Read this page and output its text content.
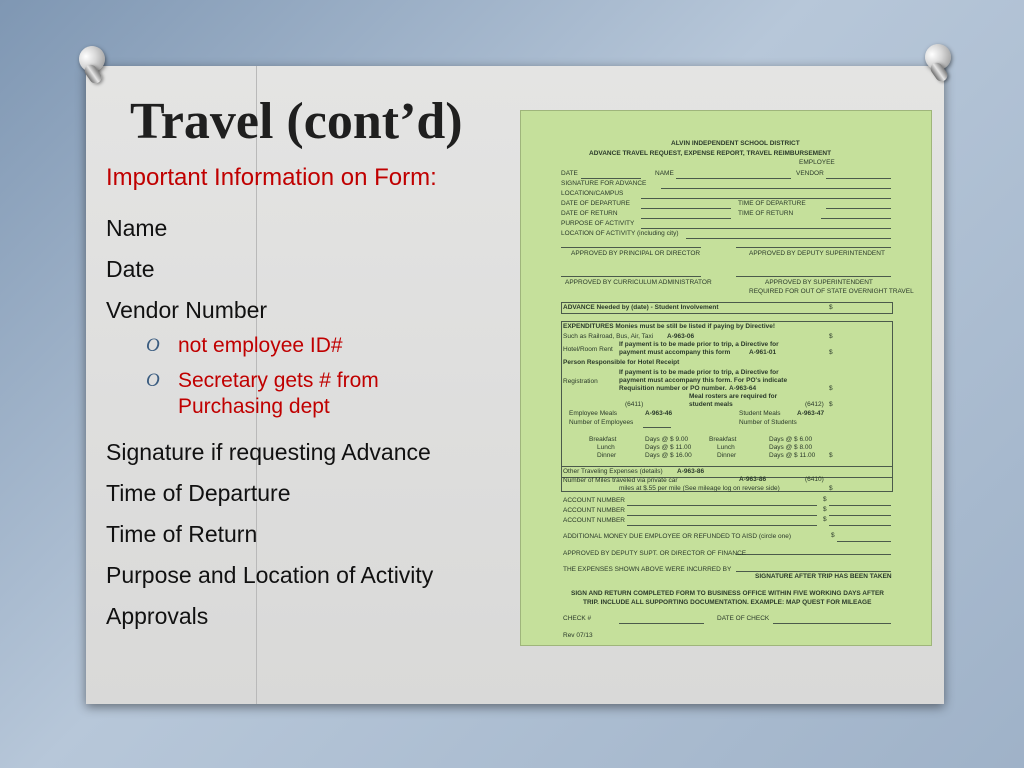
Travel (cont’d)
Important Information on Form:
Name
Date
Vendor Number
O not employee ID#
O Secretary gets # from Purchasing dept
Signature if requesting Advance
Time of Departure
Time of Return
Purpose and Location of Activity
Approvals
ALVIN INDEPENDENT SCHOOL DISTRICT
ADVANCE TRAVEL REQUEST, EXPENSE REPORT, TRAVEL REIMBURSEMENT
EMPLOYEE
DATE	NAME	VENDOR
SIGNATURE FOR ADVANCE
LOCATION/CAMPUS
DATE OF DEPARTURE	TIME OF DEPARTURE
DATE OF RETURN	TIME OF RETURN
PURPOSE OF ACTIVITY
LOCATION OF ACTIVITY (including city)
APPROVED BY PRINCIPAL OR DIRECTOR	APPROVED BY DEPUTY SUPERINTENDENT
APPROVED BY CURRICULUM ADMINISTRATOR	APPROVED BY SUPERINTENDENT
REQUIRED FOR OUT OF STATE OVERNIGHT TRAVEL
ADVANCE Needed by (date) - Student Involvement	$
EXPENDITURES Monies must be still be listed if paying by Directive!
Such as Railroad, Bus, Air, Taxi A-963-06	$
Hotel/Room Rent
If payment is to be made prior to trip, a Directive for
payment must accompany this form	A-961-01	$
Person Responsible for Hotel Receipt
If payment is to be made prior to trip, a Directive for
Registration	payment must accompany this form. For PO's indicate
Requisition number or PO number. A-963-64	$
Meal rosters are required for
(6411)	student meals	(6412) $
Employee Meals	A-963-46	Student Meals	A-963-47
Number of Employees	Number of Students
Breakfast	Days @ $ 9.00	Breakfast	Days @ $ 6.00
Lunch	Days @ $ 11.00	Lunch	Days @ $ 8.00
Dinner	Days @ $ 16.00	Dinner	Days @ $ 11.00 $
Other Traveling Expenses (details) A-963-86
Number of Miles traveled via private car	A-963-86	(6410)
miles at $.55 per mile (See mileage log on reverse side)	$
ACCOUNT NUMBER	$
ACCOUNT NUMBER	$
ACCOUNT NUMBER	$
ADDITIONAL MONEY DUE EMPLOYEE OR REFUNDED TO AISD (circle one)	$
APPROVED BY DEPUTY SUPT. OR DIRECTOR OF FINANCE
THE EXPENSES SHOWN ABOVE WERE INCURRED BY
SIGNATURE AFTER TRIP HAS BEEN TAKEN
SIGN AND RETURN COMPLETED FORM TO BUSINESS OFFICE WITHIN FIVE WORKING DAYS AFTER
TRIP. INCLUDE ALL SUPPORTING DOCUMENTATION. EXAMPLE: MAP QUEST FOR MILEAGE
CHECK #	DATE OF CHECK
Rev 07/13
